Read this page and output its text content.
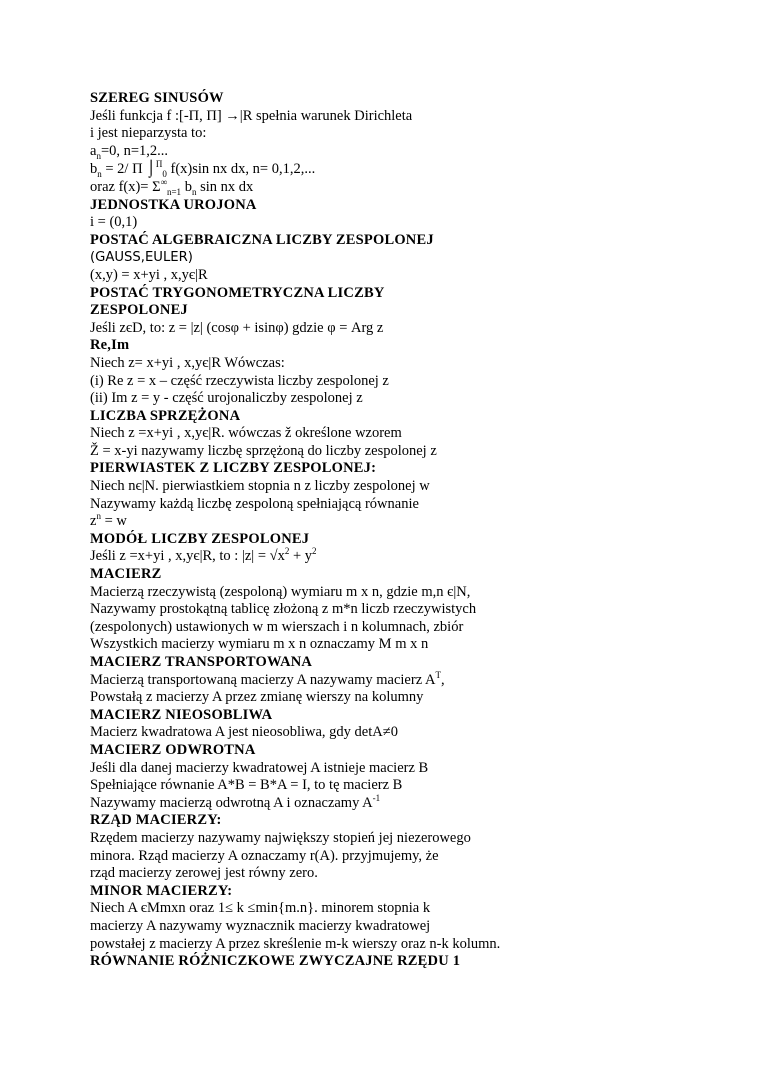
SZEREG SINUSÓW
Jeśli funkcja f :[-Π, Π] →|R spełnia warunek Dirichleta
i jest nieparzysta to:
$a_n=0$, n=1,2...
$b_n = 2/$ Π ⌡$^\Pi_0$ f(x)sin nx dx, n= 0,1,2,...
oraz $f(x)= \Sigma^\infty_{n=1}$ $b_n$ sin nx dx
JEDNOSTKA UROJONA
i = (0,1)
POSTAĆ ALGEBRAICZNA LICZBY ZESPOLONEJ
(GAUSS,EULER)
(x,y) = x+yi , x,yє|R
POSTAĆ TRYGONOMETRYCZNA LICZBY
ZESPOLONEJ
Jeśli zєD, to: z = |z| (cosφ + isinφ) gdzie φ = Arg z
Re,Im
Niech z= x+yi , x,yє|R Wówczas:
(i) Re z = x – część rzeczywista liczby zespolonej z
(ii) Im z = y - część urojonaliczby zespolonej z
LICZBA SPRZĘŻONA
Niech z =x+yi , x,yє|R. wówczas ž określone wzorem
Ž = x-yi nazywamy liczbę sprzężoną do liczby zespolonej z
PIERWIASTEK Z LICZBY ZESPOLONEJ:
Niech nє|N. pierwiastkiem stopnia n z liczby zespolonej w
Nazywamy każdą liczbę zespoloną spełniającą równanie
$z^n = w$
MODÓŁ LICZBY ZESPOLONEJ
Jeśli z =x+yi , x,yє|R, to : $|z| = √x^2 + y^2$
MACIERZ
Macierzą rzeczywistą (zespoloną) wymiaru m x n, gdzie m,n є|N,
Nazywamy prostokątną tablicę złożoną z m*n liczb rzeczywistych
(zespolonych) ustawionych w m wierszach i n kolumnach, zbiór
Wszystkich macierzy wymiaru m x n oznaczamy M m x n
MACIERZ TRANSPORTOWANA
Macierzą transportowaną macierzy A nazywamy macierz $A^T$,
Powstałą z macierzy A przez zmianę wierszy na kolumny
MACIERZ NIEOSOBLIWA
Macierz kwadratowa A jest nieosobliwa, gdy detA≠0
MACIERZ ODWROTNA
Jeśli dla danej macierzy kwadratowej A istnieje macierz B
Spełniające równanie A*B = B*A = I, to tę macierz B
Nazywamy macierzą odwrotną A i oznaczamy $A^{-1}$
RZĄD MACIERZY:
Rzędem macierzy nazywamy największy stopień jej niezerowego
minora. Rząd macierzy A oznaczamy r(A). przyjmujemy, że
rząd macierzy zerowej jest równy zero.
MINOR MACIERZY:
Niech A єMmxn oraz 1≤ k ≤min{m.n}. minorem stopnia k
macierzy A nazywamy wyznacznik macierzy kwadratowej
powstałej z macierzy A przez skreślenie m-k wierszy oraz n-k kolumn.
RÓWNANIE RÓŻNICZKOWE ZWYCZAJNE RZĘDU 1
